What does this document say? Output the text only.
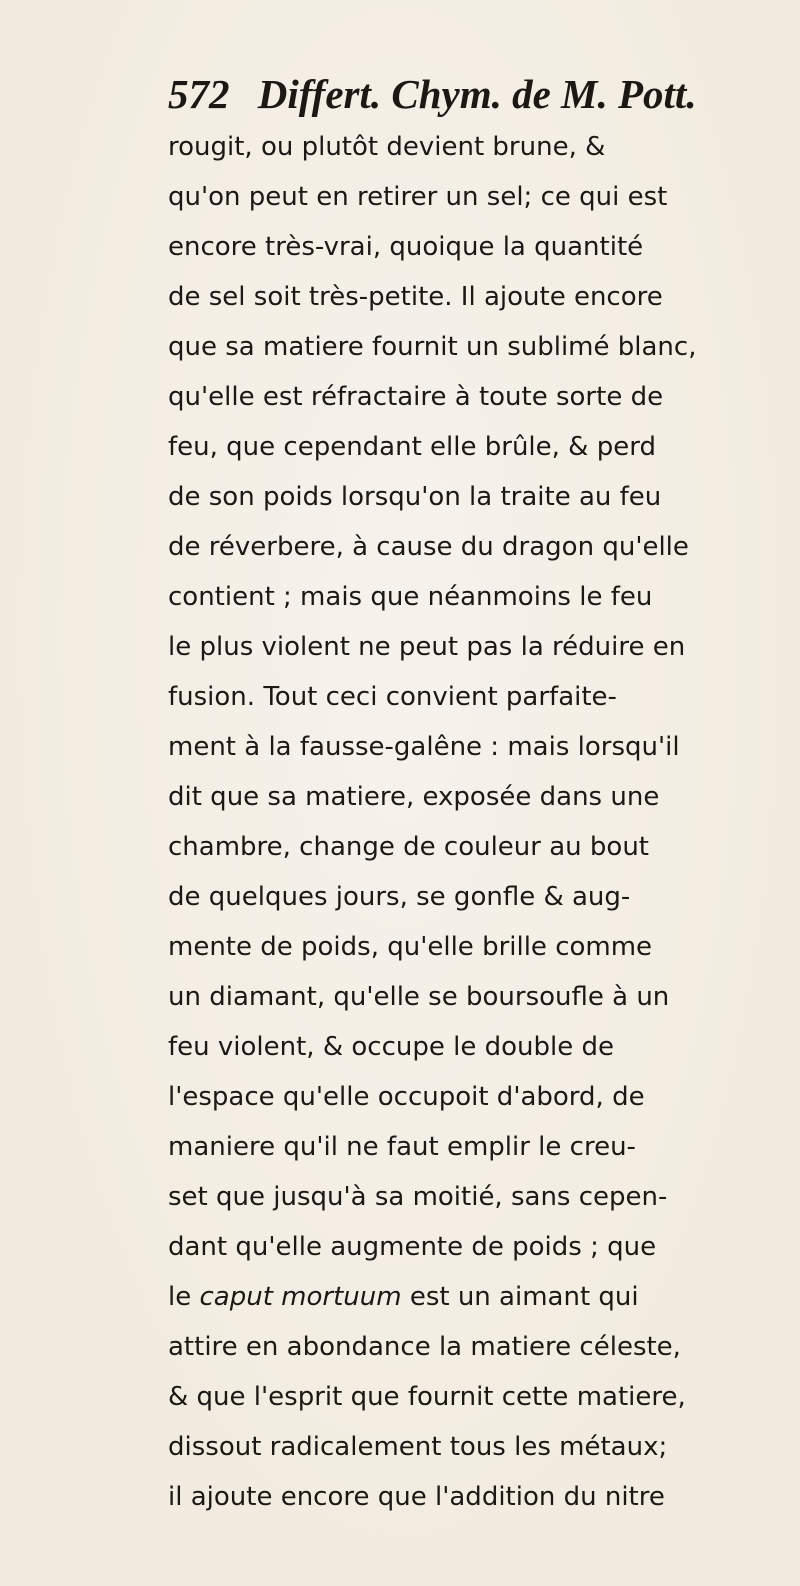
572 Differt. Chym. de M. Pott.
rougit, ou plutôt devient brune, &
qu'on peut en retirer un sel; ce qui est
encore très-vrai, quoique la quantité
de sel soit très-petite. Il ajoute encore
que sa matiere fournit un sublimé blanc,
qu'elle est réfractaire à toute sorte de
feu, que cependant elle brûle, & perd
de son poids lorsqu'on la traite au feu
de réverbere, à cause du dragon qu'elle
contient ; mais que néanmoins le feu
le plus violent ne peut pas la réduire en
fusion. Tout ceci convient parfaite-
ment à la fausse-galêne : mais lorsqu'il
dit que sa matiere, exposée dans une
chambre, change de couleur au bout
de quelques jours, se gonfle & aug-
mente de poids, qu'elle brille comme
un diamant, qu'elle se boursoufle à un
feu violent, & occupe le double de
l'espace qu'elle occupoit d'abord, de
maniere qu'il ne faut emplir le creu-
set que jusqu'à sa moitié, sans cepen-
dant qu'elle augmente de poids ; que
le caput mortuum est un aimant qui
attire en abondance la matiere céleste,
& que l'esprit que fournit cette matiere,
dissout radicalement tous les métaux;
il ajoute encore que l'addition du nitre
